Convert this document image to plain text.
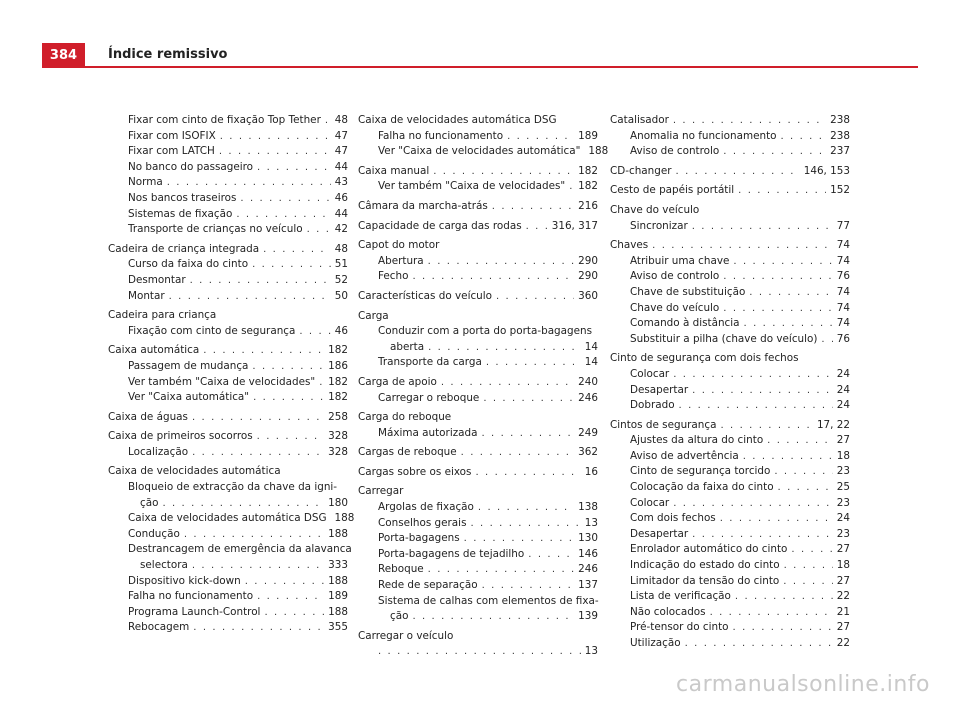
384	Índice remissivo
Fixar com cinto de fixação Top Tether . . . 48
Fixar com ISOFIX . . .	47
Fixar com LATCH . . .	47
No banco do passageiro . . .	44
Norma . . .	43
Nos bancos traseiros . . .	46
Sistemas de fixação . . .	44
Transporte de crianças no veículo . . .	42
Cadeira de criança integrada . . .	48
Curso da faixa do cinto . . .	51
Desmontar . . .	52
Montar . . .	50
Cadeira para criança
Fixação com cinto de segurança . . .	46
Caixa automática . . .	182
Passagem de mudança . . .	186
Ver também "Caixa de velocidades" . . . 182
Ver "Caixa automática" . . .	182
Caixa de águas . . .	258
Caixa de primeiros socorros . . .	328
Localização . . .	328
Caixa de velocidades automática
Bloqueio de extracção da chave da igni-
ção . . .	180
Caixa de velocidades automática DSG 188
Condução . . .	188
Destrancagem de emergência da alavanca
selectora . . .	333
Dispositivo kick-down . . .	188
Falha no funcionamento . . .	189
Programa Launch-Control . . .	188
Rebocagem . . .	355
Caixa de velocidades automática DSG
Falha no funcionamento . . .	189
Ver "Caixa de velocidades automática" 188
Caixa manual . . .	182
Ver também "Caixa de velocidades" . . . 182
Câmara da marcha-atrás . . .	216
Capacidade de carga das rodas . . .	316, 317
Capot do motor
Abertura . . .	290
Fecho . . .	290
Características do veículo . . .	360
Carga
Conduzir com a porta do porta-bagagens
aberta . . .	14
Transporte da carga . . .	14
Carga de apoio . . .	240
Carregar o reboque . . .	246
Carga do reboque
Máxima autorizada . . .	249
Cargas de reboque . . .	362
Cargas sobre os eixos . . .	16
Carregar
Argolas de fixação . . .	138
Conselhos gerais . . .	13
Porta-bagagens . . .	130
Porta-bagagens de tejadilho . . .	146
Reboque . . .	246
Rede de separação . . .	137
Sistema de calhas com elementos de fixa-
ção . . .	139
Carregar o veículo
. . .
13
Catalisador . . .	238
Anomalia no funcionamento . . .	238
Aviso de controlo . . .	237
CD-changer . . .	146, 153
Cesto de papéis portátil . . .	152
Chave do veículo
Sincronizar . . .	77
Chaves . . .	74
Atribuir uma chave . . .	74
Aviso de controlo . . .	76
Chave de substituição . . .	74
Chave do veículo . . .	74
Comando à distância . . .	74
Substituir a pilha (chave do veículo) . . . 76
Cinto de segurança com dois fechos
Colocar . . .	24
Desapertar . . .	24
Dobrado . . .	24
Cintos de segurança . . .	17, 22
Ajustes da altura do cinto . . .	27
Aviso de advertência . . .	18
Cinto de segurança torcido . . .	23
Colocação da faixa do cinto . . .	25
Colocar . . .	23
Com dois fechos . . .	24
Desapertar . . .	23
Enrolador automático do cinto . . .	27
Indicação do estado do cinto . . .	18
Limitador da tensão do cinto . . .	27
Lista de verificação . . .	22
Não colocados . . .	21
Pré-tensor do cinto . . .	27
Utilização . . .	22
carmanualsonline.info
